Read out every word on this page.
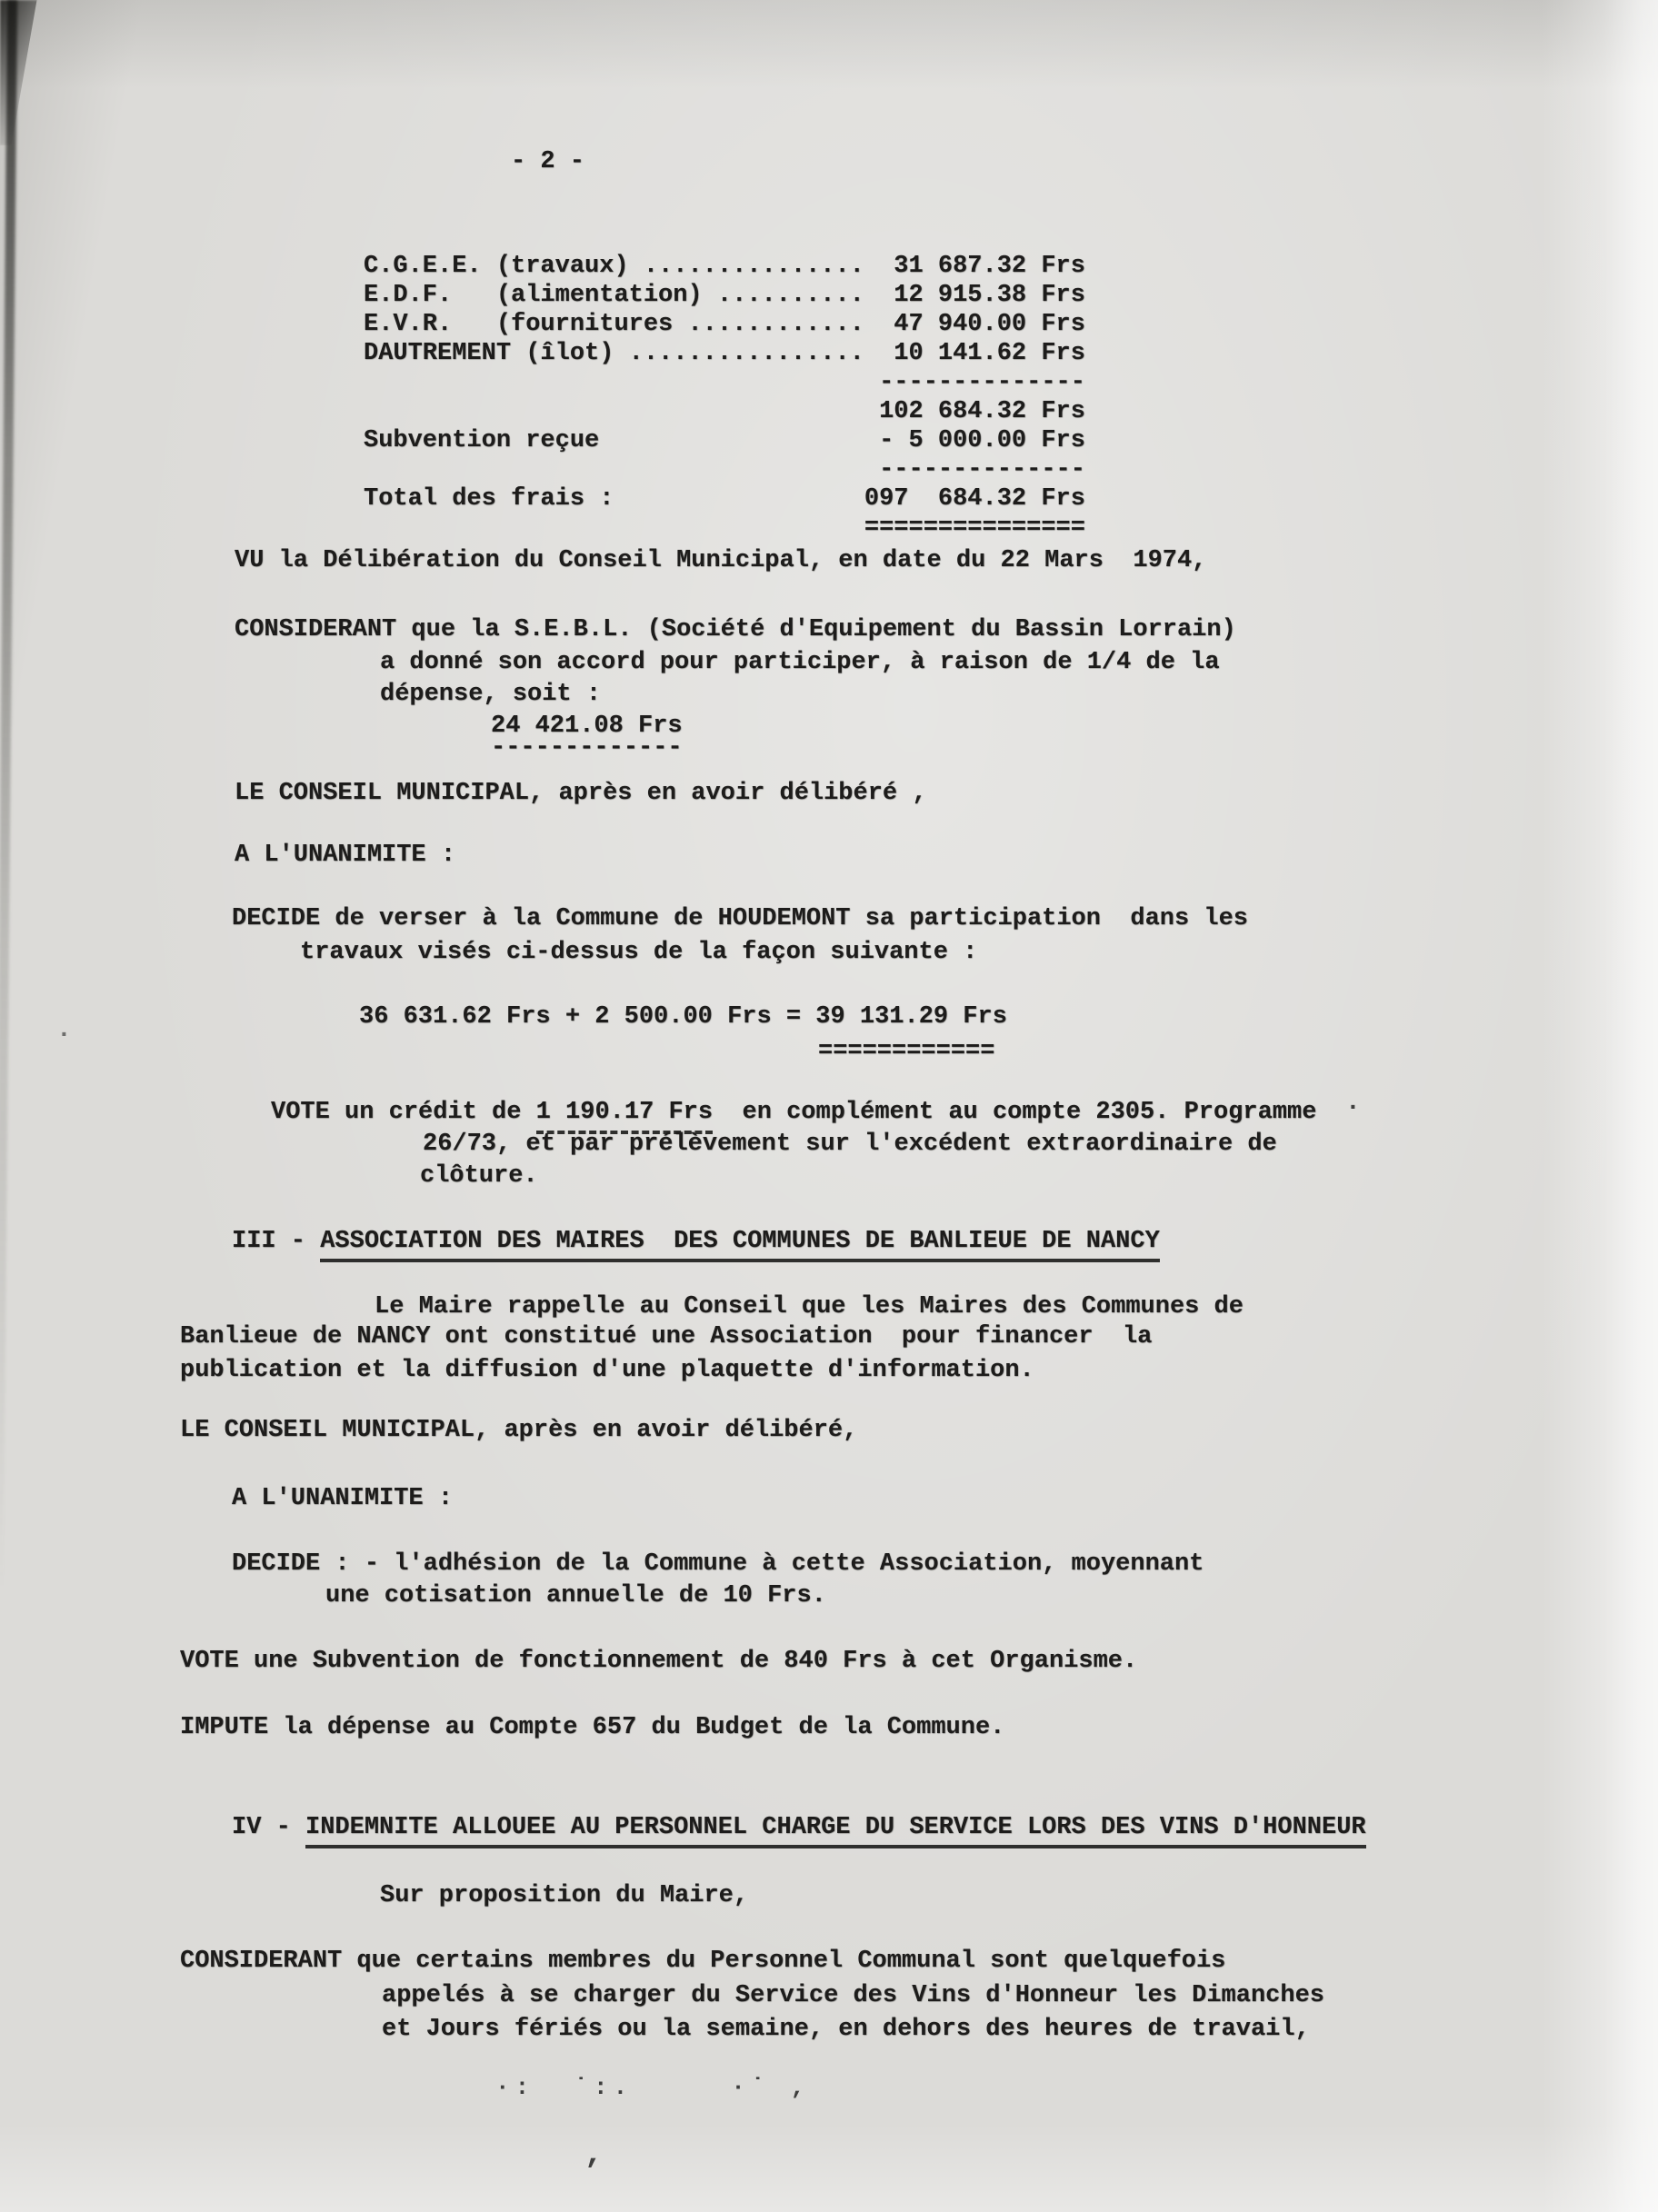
- 2 -
C.G.E.E. (travaux) ...............  31 687.32 Frs
E.D.F.   (alimentation) ..........  12 915.38 Frs
E.V.R.   (fournitures ............  47 940.00 Frs
DAUTREMENT (îlot) ................  10 141.62 Frs
--------------
102 684.32 Frs
Subvention reçue                   - 5 000.00 Frs
--------------
Total des frais :                 097  684.32 Frs
===============
VU la Délibération du Conseil Municipal, en date du 22 Mars  1974,
CONSIDERANT que la S.E.B.L. (Société d'Equipement du Bassin Lorrain)
a donné son accord pour participer, à raison de 1/4 de la
dépense, soit :
24 421.08 Frs
-------------
LE CONSEIL MUNICIPAL, après en avoir délibéré ,
A L'UNANIMITE :
DECIDE de verser à la Commune de HOUDEMONT sa participation  dans les
travaux visés ci-dessus de la façon suivante :
36 631.62 Frs + 2 500.00 Frs = 39 131.29 Frs
============
VOTE un crédit de 1 190.17 Frs  en complément au compte 2305. Programme
26/73, et par prélèvement sur l'excédent extraordinaire de
clôture.
III - ASSOCIATION DES MAIRES  DES COMMUNES DE BANLIEUE DE NANCY
Le Maire rappelle au Conseil que les Maires des Communes de
Banlieue de NANCY ont constitué une Association  pour financer  la
publication et la diffusion d'une plaquette d'information.
LE CONSEIL MUNICIPAL, après en avoir délibéré,
A L'UNANIMITE :
DECIDE : - l'adhésion de la Commune à cette Association, moyennant
une cotisation annuelle de 10 Frs.
VOTE une Subvention de fonctionnement de 840 Frs à cet Organisme.
IMPUTE la dépense au Compte 657 du Budget de la Commune.
IV - INDEMNITE ALLOUEE AU PERSONNEL CHARGE DU SERVICE LORS DES VINS D'HONNEUR
Sur proposition du Maire,
CONSIDERANT que certains membres du Personnel Communal sont quelquefois
appelés à se charger du Service des Vins d'Honneur les Dimanches
et Jours fériés ou la semaine, en dehors des heures de travail,
·:  ˙:.     ·˙ ‚
‚
.
.
